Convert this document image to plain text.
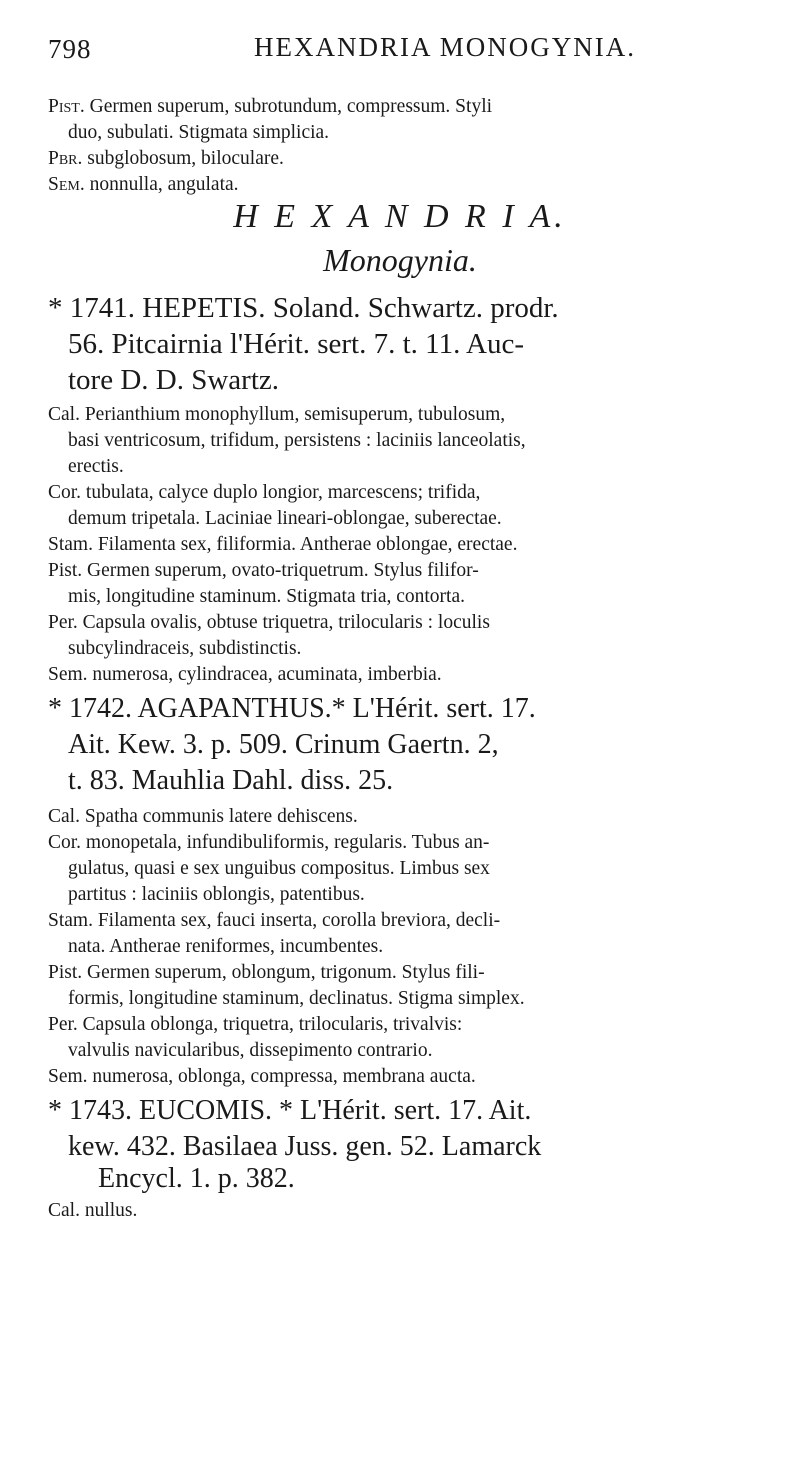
798	HEXANDRIA MONOGYNIA.
Pist. Germen superum, subrotundum, compressum. Styli
duo, subulati. Stigmata simplicia.
Pbr. subglobosum, biloculare.
Sem. nonnulla, angulata.
H E X A N D R I A.
Monogynia.
* 1741. HEPETIS. Soland. Schwartz. prodr.
56. Pitcairnia l'Hérit. sert. 7. t. 11. Auc-
tore D. D. Swartz.
Cal. Perianthium monophyllum, semisuperum, tubulosum,
basi ventricosum, trifidum, persistens : laciniis lanceolatis,
erectis.
Cor. tubulata, calyce duplo longior, marcescens; trifida,
demum tripetala. Laciniae lineari-oblongae, suberectae.
Stam. Filamenta sex, filiformia. Antherae oblongae, erectae.
Pist. Germen superum, ovato-triquetrum. Stylus filifor-
mis, longitudine staminum. Stigmata tria, contorta.
Per. Capsula ovalis, obtuse triquetra, trilocularis : loculis
subcylindraceis, subdistinctis.
Sem. numerosa, cylindracea, acuminata, imberbia.
* 1742. AGAPANTHUS.* L'Hérit. sert. 17.
Ait. Kew. 3. p. 509. Crinum Gaertn. 2,
t. 83. Mauhlia Dahl. diss. 25.
Cal. Spatha communis latere dehiscens.
Cor. monopetala, infundibuliformis, regularis. Tubus an-
gulatus, quasi e sex unguibus compositus. Limbus sex
partitus : laciniis oblongis, patentibus.
Stam. Filamenta sex, fauci inserta, corolla breviora, decli-
nata. Antherae reniformes, incumbentes.
Pist. Germen superum, oblongum, trigonum. Stylus fili-
formis, longitudine staminum, declinatus. Stigma simplex.
Per. Capsula oblonga, triquetra, trilocularis, trivalvis:
valvulis navicularibus, dissepimento contrario.
Sem. numerosa, oblonga, compressa, membrana aucta.
* 1743. EUCOMIS. * L'Hérit. sert. 17. Ait.
kew. 432. Basilaea Juss. gen. 52. Lamarck
Encycl. 1. p. 382.
Cal. nullus.
